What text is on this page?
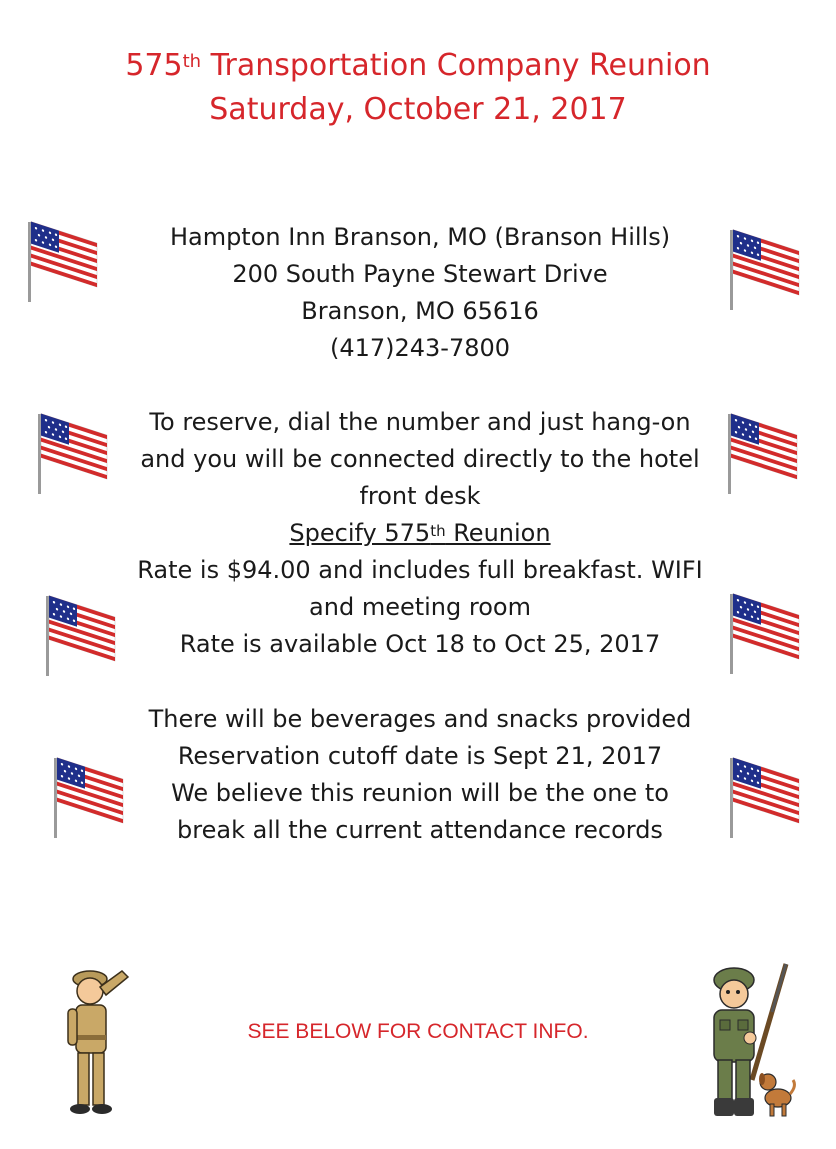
575th Transportation Company Reunion
Saturday, October 21, 2017

Hampton Inn Branson, MO (Branson Hills)

200 South Payne Stewart Drive

Branson, MO 65616

(417)243-7800

To reserve, dial the number and just hang-on

and you will be connected directly to the hotel

front desk

Specify 575th Reunion

Rate is $94.00 and includes full breakfast. WIFI

and meeting room

Rate is available Oct 18 to Oct 25, 2017

There will be beverages and snacks provided

Reservation cutoff date is Sept 21, 2017

We believe this reunion will be the one to

break all the current attendance records

SEE BELOW FOR CONTACT INFO.
